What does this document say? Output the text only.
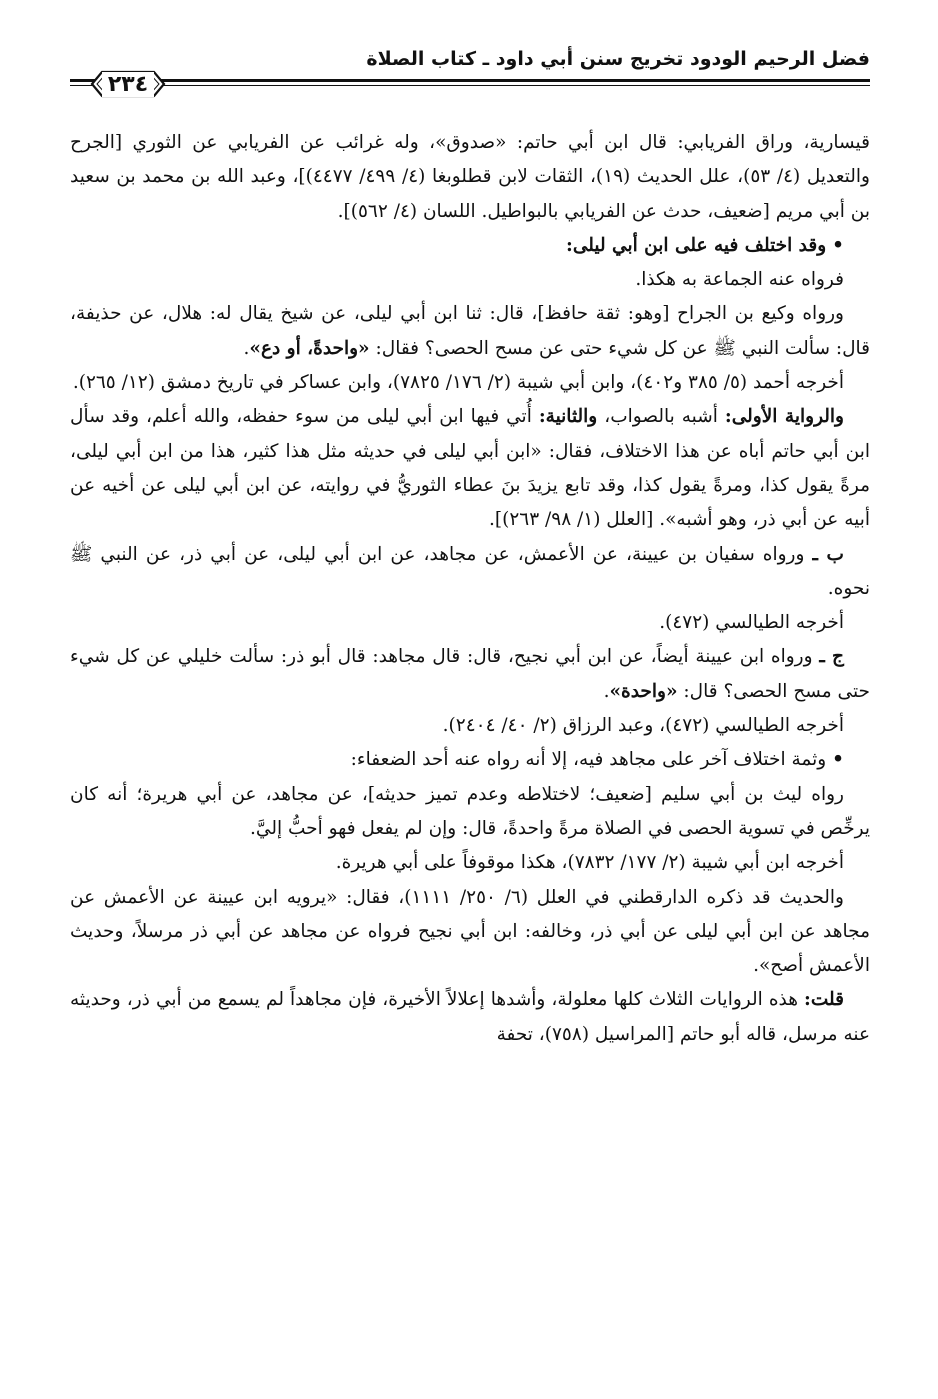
فضل الرحيم الودود تخريج سنن أبي داود ـ كتاب الصلاة
٢٣٤

قيسارية، وراق الفريابي: قال ابن أبي حاتم: «صدوق»، وله غرائب عن الفريابي عن الثوري [الجرح والتعديل (٤/ ٥٣)، علل الحديث (١٩)، الثقات لابن قطلوبغا (٤/ ٤٩٩/ ٤٤٧٧)]، وعبد الله بن محمد بن سعيد بن أبي مريم [ضعيف، حدث عن الفريابي بالبواطيل. اللسان (٤/ ٥٦٢)].

•وقد اختلف فيه على ابن أبي ليلى:

فرواه عنه الجماعة به هكذا.

ورواه وكيع بن الجراح [وهو: ثقة حافظ]، قال: ثنا ابن أبي ليلى، عن شيخ يقال له: هلال، عن حذيفة، قال: سألت النبي ﷺ عن كل شيء حتى عن مسح الحصى؟ فقال: «واحدةً، أو دع».

أخرجه أحمد (٥/ ٣٨٥ و٤٠٢)، وابن أبي شيبة (٢/ ١٧٦/ ٧٨٢٥)، وابن عساكر في تاريخ دمشق (١٢/ ٢٦٥).

والرواية الأولى: أشبه بالصواب، والثانية: أُتي فيها ابن أبي ليلى من سوء حفظه، والله أعلم، وقد سأل ابن أبي حاتم أباه عن هذا الاختلاف، فقال: «ابن أبي ليلى في حديثه مثل هذا كثير، هذا من ابن أبي ليلى، مرةً يقول كذا، ومرةً يقول كذا، وقد تابع يزيدَ بنَ عطاء الثوريُّ في روايته، عن ابن أبي ليلى عن أخيه عن أبيه عن أبي ذر، وهو أشبه». [العلل (١/ ٩٨/ ٢٦٣)].

ب ـ ورواه سفيان بن عيينة، عن الأعمش، عن مجاهد، عن ابن أبي ليلى، عن أبي ذر، عن النبي ﷺ نحوه.

أخرجه الطيالسي (٤٧٢).

ج ـ ورواه ابن عيينة أيضاً، عن ابن أبي نجيح، قال: قال مجاهد: قال أبو ذر: سألت خليلي عن كل شيء حتى مسح الحصى؟ قال: «واحدة».

أخرجه الطيالسي (٤٧٢)، وعبد الرزاق (٢/ ٤٠/ ٢٤٠٤).

•وثمة اختلاف آخر على مجاهد فيه، إلا أنه رواه عنه أحد الضعفاء:

رواه ليث بن أبي سليم [ضعيف؛ لاختلاطه وعدم تميز حديثه]، عن مجاهد، عن أبي هريرة؛ أنه كان يرخِّص في تسوية الحصى في الصلاة مرةً واحدةً، قال: وإن لم يفعل فهو أحبُّ إليَّ.

أخرجه ابن أبي شيبة (٢/ ١٧٧/ ٧٨٣٢)، هكذا موقوفاً على أبي هريرة.

والحديث قد ذكره الدارقطني في العلل (٦/ ٢٥٠/ ١١١١)، فقال: «يرويه ابن عيينة عن الأعمش عن مجاهد عن ابن أبي ليلى عن أبي ذر، وخالفه: ابن أبي نجيح فرواه عن مجاهد عن أبي ذر مرسلاً، وحديث الأعمش أصح».

قلت: هذه الروايات الثلاث كلها معلولة، وأشدها إعلالاً الأخيرة، فإن مجاهداً لم يسمع من أبي ذر، وحديثه عنه مرسل، قاله أبو حاتم [المراسيل (٧٥٨)، تحفة
